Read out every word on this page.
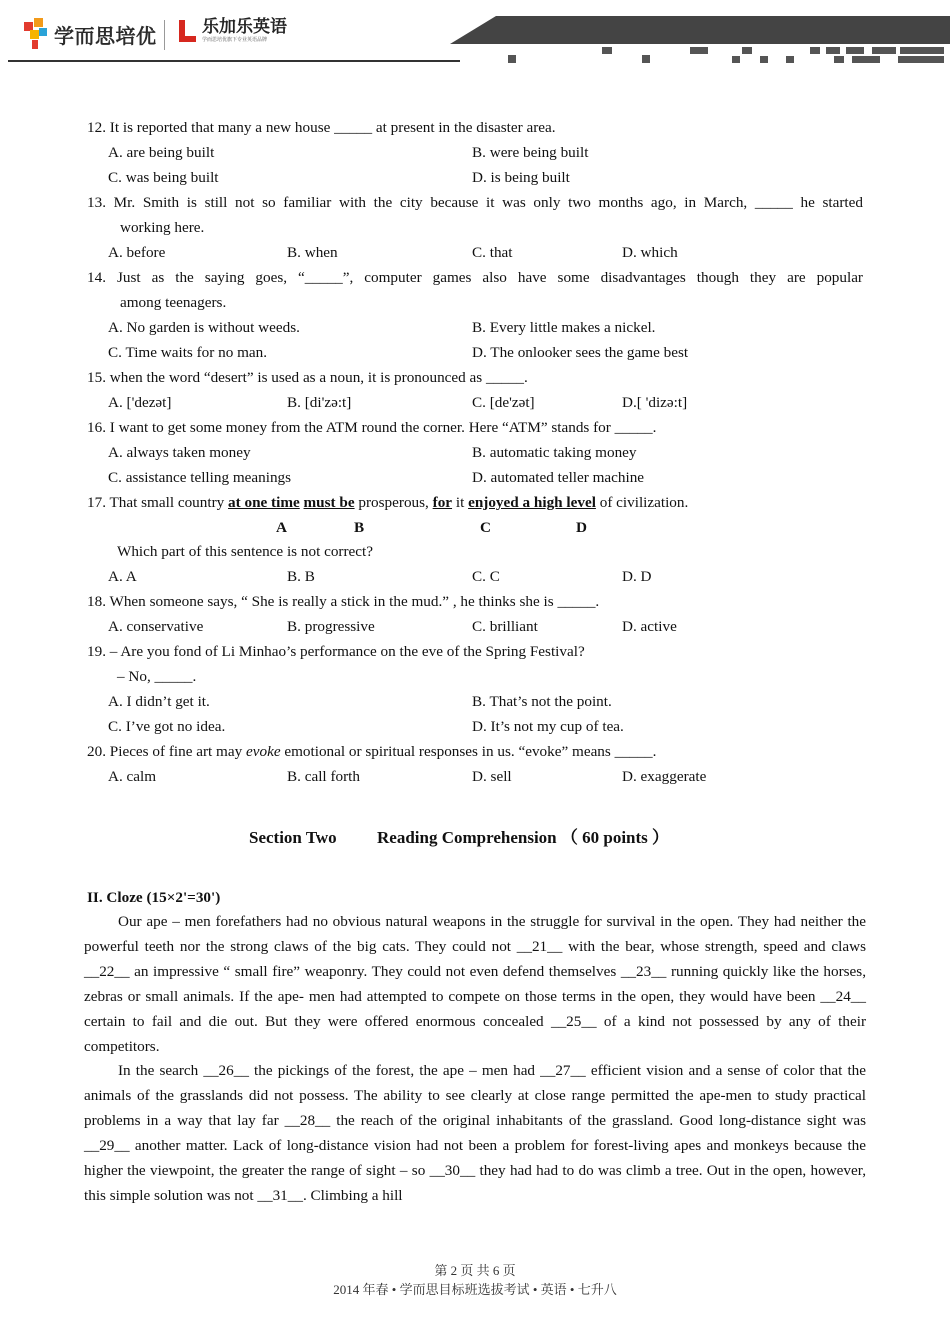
学而思培优	乐加乐英语
学而思培优旗下专业英语品牌
12. It is reported that many a new house _____ at present in the disaster area.
A. are being built	B. were being built
C. was being built	D. is being built
13. Mr. Smith is still not so familiar with the city because it was only two months ago, in March, _____ he started
working here.
A. before	B. when	C. that	D. which
14. Just as the saying goes, “_____”, computer games also have some disadvantages though they are popular
among teenagers.
A. No garden is without weeds.	B. Every little makes a nickel.
C. Time waits for no man.	D. The onlooker sees the game best
15. when the word “desert” is used as a noun, it is pronounced as _____.
A. ['dezət]	B. [di'zə:t]	C. [de'zət]	D.[ 'dizə:t]
16. I want to get some money from the ATM round the corner. Here “ATM” stands for _____.
A. always taken money	B. automatic taking money
C. assistance telling meanings	D. automated teller machine
17. That small country at one time must be prosperous, for it enjoyed a high level of civilization.
A	B	C	D
Which part of this sentence is not correct?
A. A	B. B	C. C	D. D
18. When someone says, “ She is really a stick in the mud.” , he thinks she is _____.
A. conservative	B. progressive	C. brilliant	D. active
19. – Are you fond of Li Minhao’s performance on the eve of the Spring Festival?
– No, _____.
A. I didn’t get it.	B. That’s not the point.
C. I’ve got no idea.	D. It’s not my cup of tea.
20. Pieces of fine art may evoke emotional or spiritual responses in us. “evoke” means _____.
A. calm	B. call forth	D. sell	D. exaggerate
Section Two Reading Comprehension （ 60 points ）
II. Cloze (15×2'=30')
Our ape – men forefathers had no obvious natural weapons in the struggle for survival in the open. They had neither the powerful teeth nor the strong claws of the big cats. They could not __21__ with the bear, whose strength, speed and claws __22__ an impressive “ small fire” weaponry. They could not even defend themselves __23__ running quickly like the horses, zebras or small animals. If the ape- men had attempted to compete on those terms in the open, they would have been __24__ certain to fail and die out. But they were offered enormous concealed __25__ of a kind not possessed by any of their competitors.
In the search __26__ the pickings of the forest, the ape – men had __27__ efficient vision and a sense of color that the animals of the grasslands did not possess. The ability to see clearly at close range permitted the ape-men to study practical problems in a way that lay far __28__ the reach of the original inhabitants of the grassland. Good long-distance sight was __29__ another matter. Lack of long-distance vision had not been a problem for forest-living apes and monkeys because the higher the viewpoint, the greater the range of sight – so __30__ they had had to do was climb a tree. Out in the open, however, this simple solution was not __31__. Climbing a hill
第 2 页 共 6 页
2014 年春 • 学而思目标班选拔考试 • 英语 • 七升八
